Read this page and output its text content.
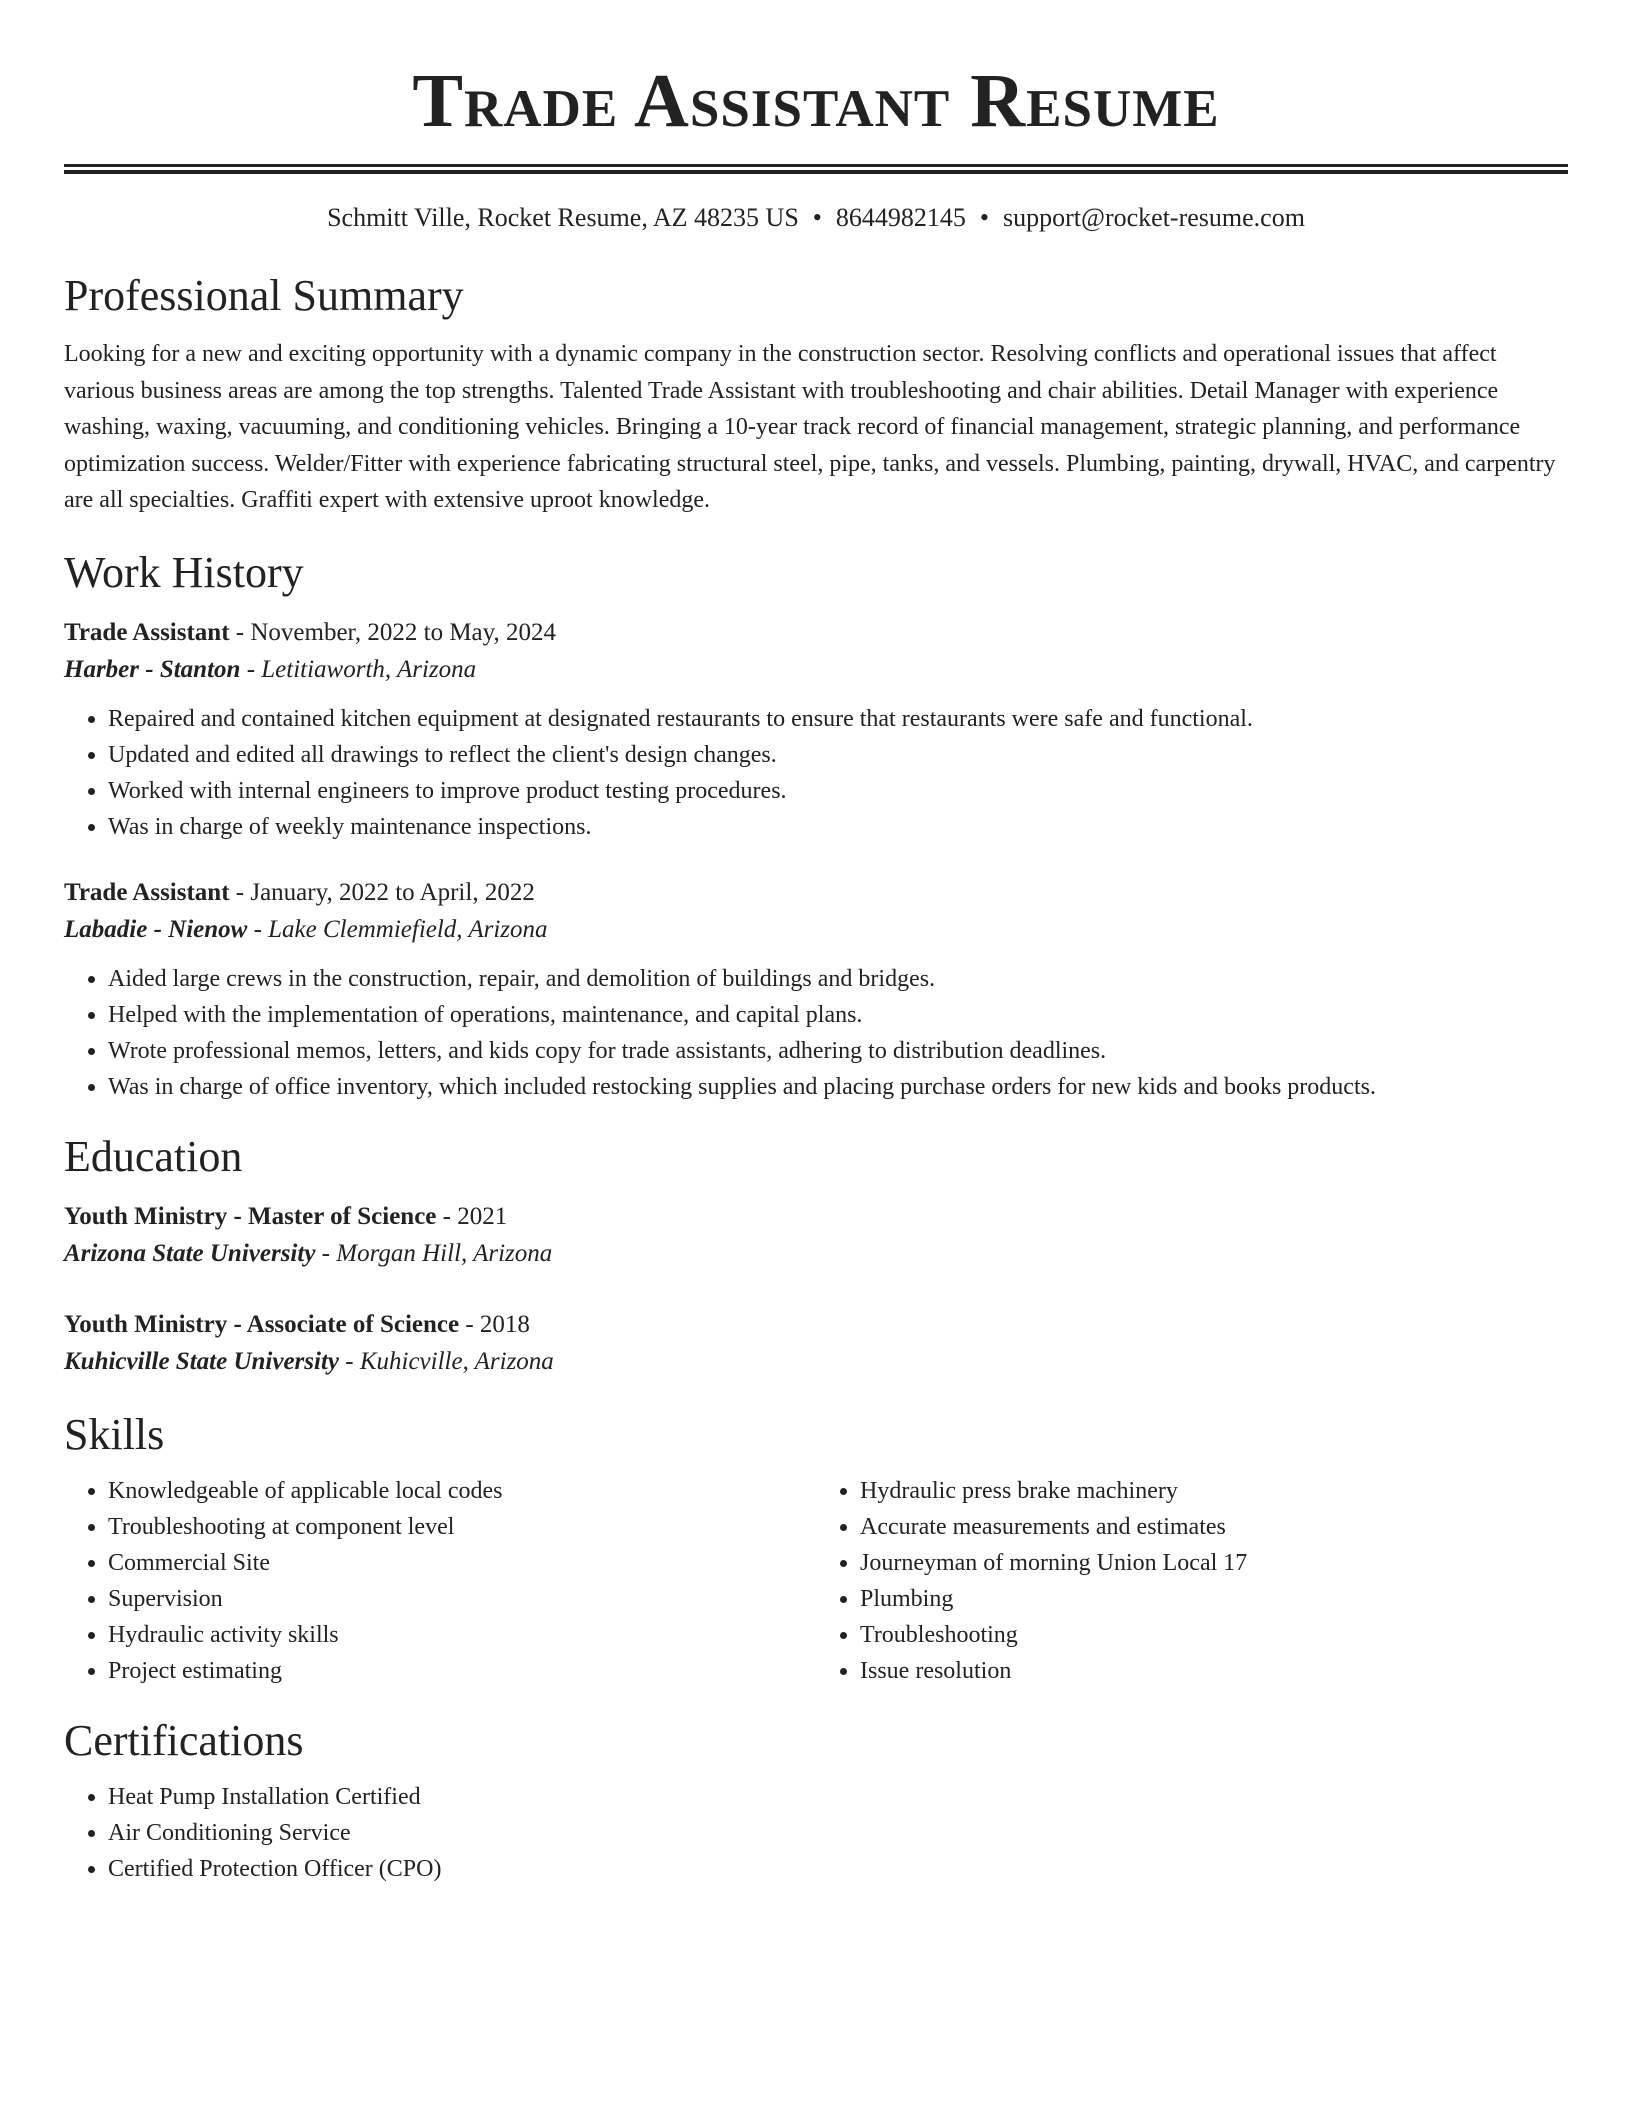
Trade Assistant Resume
Schmitt Ville, Rocket Resume, AZ 48235 US • 8644982145 • support@rocket-resume.com
Professional Summary
Looking for a new and exciting opportunity with a dynamic company in the construction sector. Resolving conflicts and operational issues that affect various business areas are among the top strengths. Talented Trade Assistant with troubleshooting and chair abilities. Detail Manager with experience washing, waxing, vacuuming, and conditioning vehicles. Bringing a 10-year track record of financial management, strategic planning, and performance optimization success. Welder/Fitter with experience fabricating structural steel, pipe, tanks, and vessels. Plumbing, painting, drywall, HVAC, and carpentry are all specialties. Graffiti expert with extensive uproot knowledge.
Work History
Trade Assistant - November, 2022 to May, 2024
Harber - Stanton - Letitiaworth, Arizona
• Repaired and contained kitchen equipment at designated restaurants to ensure that restaurants were safe and functional.
• Updated and edited all drawings to reflect the client's design changes.
• Worked with internal engineers to improve product testing procedures.
• Was in charge of weekly maintenance inspections.
Trade Assistant - January, 2022 to April, 2022
Labadie - Nienow - Lake Clemmiefield, Arizona
• Aided large crews in the construction, repair, and demolition of buildings and bridges.
• Helped with the implementation of operations, maintenance, and capital plans.
• Wrote professional memos, letters, and kids copy for trade assistants, adhering to distribution deadlines.
• Was in charge of office inventory, which included restocking supplies and placing purchase orders for new kids and books products.
Education
Youth Ministry - Master of Science - 2021
Arizona State University - Morgan Hill, Arizona
Youth Ministry - Associate of Science - 2018
Kuhicville State University - Kuhicville, Arizona
Skills
• Knowledgeable of applicable local codes
• Troubleshooting at component level
• Commercial Site
• Supervision
• Hydraulic activity skills
• Project estimating
• Hydraulic press brake machinery
• Accurate measurements and estimates
• Journeyman of morning Union Local 17
• Plumbing
• Troubleshooting
• Issue resolution
Certifications
• Heat Pump Installation Certified
• Air Conditioning Service
• Certified Protection Officer (CPO)
